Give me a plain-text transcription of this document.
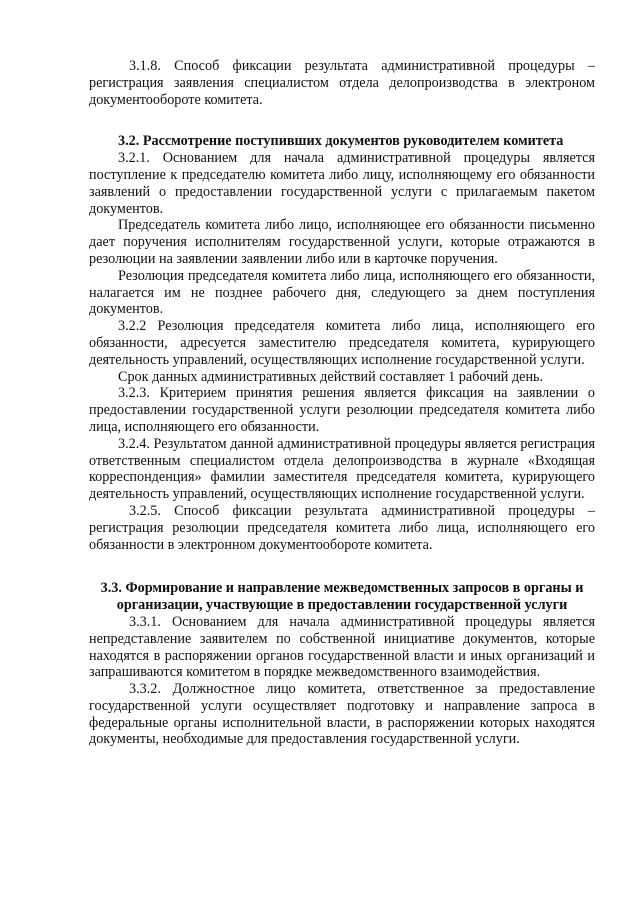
3.1.8. Способ фиксации результата административной процедуры – регистрация заявления специалистом отдела делопроизводства в электроном документообороте комитета.

3.2. Рассмотрение поступивших документов руководителем комитета

3.2.1. Основанием для начала административной процедуры является поступление к председателю комитета либо лицу, исполняющему его обязанности заявлений о предоставлении государственной услуги с прилагаемым пакетом документов.

Председатель комитета либо лицо, исполняющее его обязанности письменно дает поручения исполнителям государственной услуги, которые отражаются в резолюции на заявлении заявлении либо или в карточке поручения.

Резолюция председателя комитета либо лица, исполняющего его обязанности, налагается им не позднее рабочего дня, следующего за днем поступления документов.

3.2.2 Резолюция председателя комитета либо лица, исполняющего его обязанности, адресуется заместителю председателя комитета, курирующего деятельность управлений, осуществляющих исполнение государственной услуги.

Срок данных административных действий составляет 1 рабочий день.

3.2.3. Критерием принятия решения является фиксация на заявлении о предоставлении государственной услуги резолюции председателя комитета либо лица, исполняющего его обязанности.

3.2.4. Результатом данной административной процедуры является регистрация ответственным специалистом отдела делопроизводства в журнале «Входящая корреспонденция» фамилии заместителя председателя комитета, курирующего деятельность управлений, осуществляющих исполнение государственной услуги.

3.2.5. Способ фиксации результата административной процедуры – регистрация резолюции председателя комитета либо лица, исполняющего его обязанности в электронном документообороте комитета.

3.3. Формирование и направление межведомственных запросов в органы и организации, участвующие в предоставлении государственной услуги

3.3.1. Основанием для начала административной процедуры является непредставление заявителем по собственной инициативе документов, которые находятся в распоряжении органов государственной власти и иных организаций и запрашиваются комитетом в порядке межведомственного взаимодействия.

3.3.2. Должностное лицо комитета, ответственное за предоставление государственной услуги осуществляет подготовку и направление запроса в федеральные органы исполнительной власти, в распоряжении которых находятся документы, необходимые для предоставления государственной услуги.
